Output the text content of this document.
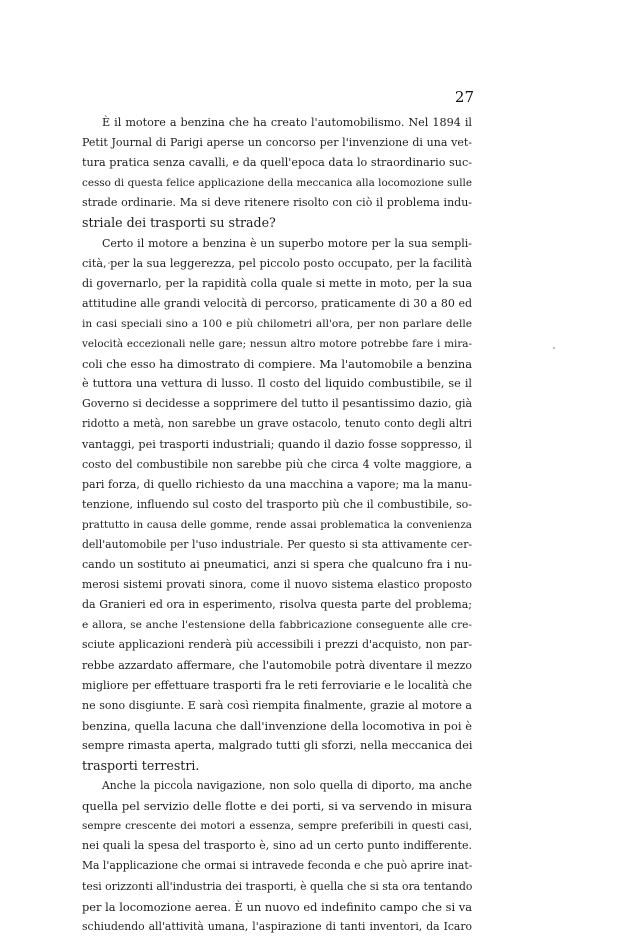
27
È il motore a benzina che ha creato l'automobilismo. Nel 1894 il
Petit Journal di Parigi aperse un concorso per l'invenzione di una vet-
tura pratica senza cavalli, e da quell'epoca data lo straordinario suc-
cesso di questa felice applicazione della meccanica alla locomozione sulle
strade ordinarie. Ma si deve ritenere risolto con ciò il problema indu-
striale dei trasporti su strade?
Certo il motore a benzina è un superbo motore per la sua sempli-
cità, per la sua leggerezza, pel piccolo posto occupato, per la facilità
di governarlo, per la rapidità colla quale si mette in moto, per la sua
attitudine alle grandi velocità di percorso, praticamente di 30 a 80 ed
in casi speciali sino a 100 e più chilometri all'ora, per non parlare delle
velocità eccezionali nelle gare; nessun altro motore potrebbe fare i mira-
coli che esso ha dimostrato di compiere. Ma l'automobile a benzina
è tuttora una vettura di lusso. Il costo del liquido combustibile, se il
Governo si decidesse a sopprimere del tutto il pesantissimo dazio, già
ridotto a metà, non sarebbe un grave ostacolo, tenuto conto degli altri
vantaggi, pei trasporti industriali; quando il dazio fosse soppresso, il
costo del combustibile non sarebbe più che circa 4 volte maggiore, a
pari forza, di quello richiesto da una macchina a vapore; ma la manu-
tenzione, influendo sul costo del trasporto più che il combustibile, so-
prattutto in causa delle gomme, rende assai problematica la convenienza
dell'automobile per l'uso industriale. Per questo si sta attivamente cer-
cando un sostituto ai pneumatici, anzi si spera che qualcuno fra i nu-
merosi sistemi provati sinora, come il nuovo sistema elastico proposto
da Granieri ed ora in esperimento, risolva questa parte del problema;
e allora, se anche l'estensione della fabbricazione conseguente alle cre-
sciute applicazioni renderà più accessibili i prezzi d'acquisto, non par-
rebbe azzardato affermare, che l'automobile potrà diventare il mezzo
migliore per effettuare trasporti fra le reti ferroviarie e le località che
ne sono disgiunte. E sarà così riempita finalmente, grazie al motore a
benzina, quella lacuna che dall'invenzione della locomotiva in poi è
sempre rimasta aperta, malgrado tutti gli sforzi, nella meccanica dei
trasporti terrestri.
Anche la piccola navigazione, non solo quella di diporto, ma anche
quella pel servizio delle flotte e dei porti, si va servendo in misura
sempre crescente dei motori a essenza, sempre preferibili in questi casi,
nei quali la spesa del trasporto è, sino ad un certo punto indifferente.
Ma l'applicazione che ormai si intravede feconda e che può aprire inat-
tesi orizzonti all'industria dei trasporti, è quella che si sta ora tentando
per la locomozione aerea. È un nuovo ed indefinito campo che si va
schiudendo all'attività umana, l'aspirazione di tanti inventori, da Icaro
